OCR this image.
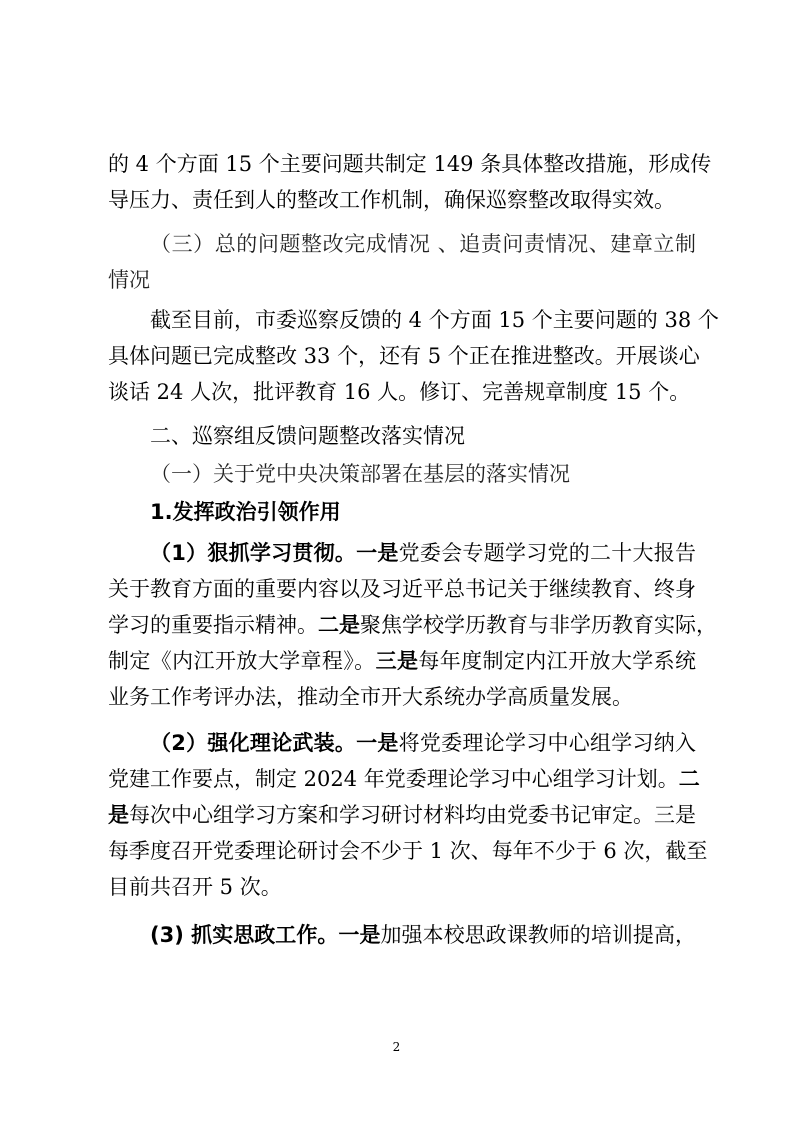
的 4 个方面 15 个主要问题共制定 149 条具体整改措施，形成传
导压力、责任到人的整改工作机制，确保巡察整改取得实效。
（三）总的问题整改完成情况 、追责问责情况、建章立制
情况
截至目前，市委巡察反馈的 4 个方面 15 个主要问题的 38 个
具体问题已完成整改 33 个，还有 5 个正在推进整改。开展谈心
谈话 24 人次，批评教育 16 人。修订、完善规章制度 15 个。
二、巡察组反馈问题整改落实情况
（一）关于党中央决策部署在基层的落实情况
1.发挥政治引领作用
（1）狠抓学习贯彻。一是党委会专题学习党的二十大报告
关于教育方面的重要内容以及习近平总书记关于继续教育、终身
学习的重要指示精神。二是聚焦学校学历教育与非学历教育实际，
制定《内江开放大学章程》。三是每年度制定内江开放大学系统
业务工作考评办法，推动全市开大系统办学高质量发展。
（2）强化理论武装。一是将党委理论学习中心组学习纳入
党建工作要点，制定 2024 年党委理论学习中心组学习计划。二
是每次中心组学习方案和学习研讨材料均由党委书记审定。三是
每季度召开党委理论研讨会不少于 1 次、每年不少于 6 次，截至
目前共召开 5 次。
(3) 抓实思政工作。一是加强本校思政课教师的培训提高，
2
